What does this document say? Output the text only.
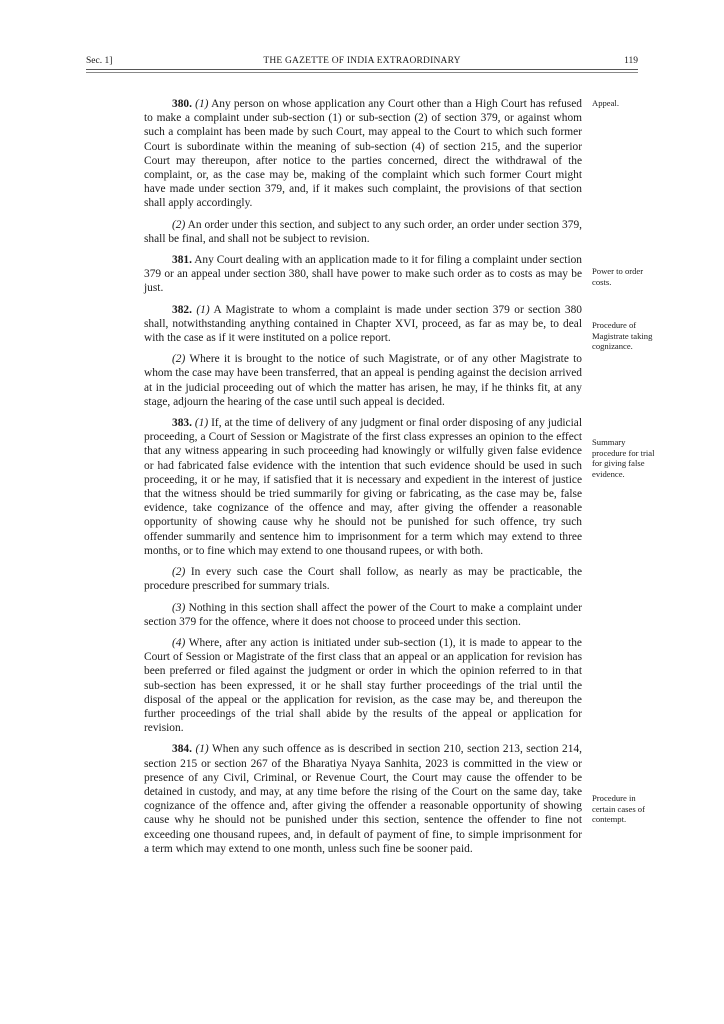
Sec. 1]	THE GAZETTE OF INDIA EXTRAORDINARY	119

380. (1) Any person on whose application any Court other than a High Court has refused to make a complaint under sub-section (1) or sub-section (2) of section 379, or against whom such a complaint has been made by such Court, may appeal to the Court to which such former Court is subordinate within the meaning of sub-section (4) of section 215, and the superior Court may thereupon, after notice to the parties concerned, direct the withdrawal of the complaint, or, as the case may be, making of the complaint which such former Court might have made under section 379, and, if it makes such complaint, the provisions of that section shall apply accordingly.

(2) An order under this section, and subject to any such order, an order under section 379, shall be final, and shall not be subject to revision.

381. Any Court dealing with an application made to it for filing a complaint under section 379 or an appeal under section 380, shall have power to make such order as to costs as may be just.

382. (1) A Magistrate to whom a complaint is made under section 379 or section 380 shall, notwithstanding anything contained in Chapter XVI, proceed, as far as may be, to deal with the case as if it were instituted on a police report.

(2) Where it is brought to the notice of such Magistrate, or of any other Magistrate to whom the case may have been transferred, that an appeal is pending against the decision arrived at in the judicial proceeding out of which the matter has arisen, he may, if he thinks fit, at any stage, adjourn the hearing of the case until such appeal is decided.

383. (1) If, at the time of delivery of any judgment or final order disposing of any judicial proceeding, a Court of Session or Magistrate of the first class expresses an opinion to the effect that any witness appearing in such proceeding had knowingly or wilfully given false evidence or had fabricated false evidence with the intention that such evidence should be used in such proceeding, it or he may, if satisfied that it is necessary and expedient in the interest of justice that the witness should be tried summarily for giving or fabricating, as the case may be, false evidence, take cognizance of the offence and may, after giving the offender a reasonable opportunity of showing cause why he should not be punished for such offence, try such offender summarily and sentence him to imprisonment for a term which may extend to three months, or to fine which may extend to one thousand rupees, or with both.

(2) In every such case the Court shall follow, as nearly as may be practicable, the procedure prescribed for summary trials.

(3) Nothing in this section shall affect the power of the Court to make a complaint under section 379 for the offence, where it does not choose to proceed under this section.

(4) Where, after any action is initiated under sub-section (1), it is made to appear to the Court of Session or Magistrate of the first class that an appeal or an application for revision has been preferred or filed against the judgment or order in which the opinion referred to in that sub-section has been expressed, it or he shall stay further proceedings of the trial until the disposal of the appeal or the application for revision, as the case may be, and thereupon the further proceedings of the trial shall abide by the results of the appeal or application for revision.

384. (1) When any such offence as is described in section 210, section 213, section 214, section 215 or section 267 of the Bharatiya Nyaya Sanhita, 2023 is committed in the view or presence of any Civil, Criminal, or Revenue Court, the Court may cause the offender to be detained in custody, and may, at any time before the rising of the Court on the same day, take cognizance of the offence and, after giving the offender a reasonable opportunity of showing cause why he should not be punished under this section, sentence the offender to fine not exceeding one thousand rupees, and, in default of payment of fine, to simple imprisonment for a term which may extend to one month, unless such fine be sooner paid.

Appeal.
Power to order costs.
Procedure of Magistrate taking cognizance.
Summary procedure for trial for giving false evidence.
Procedure in certain cases of contempt.
